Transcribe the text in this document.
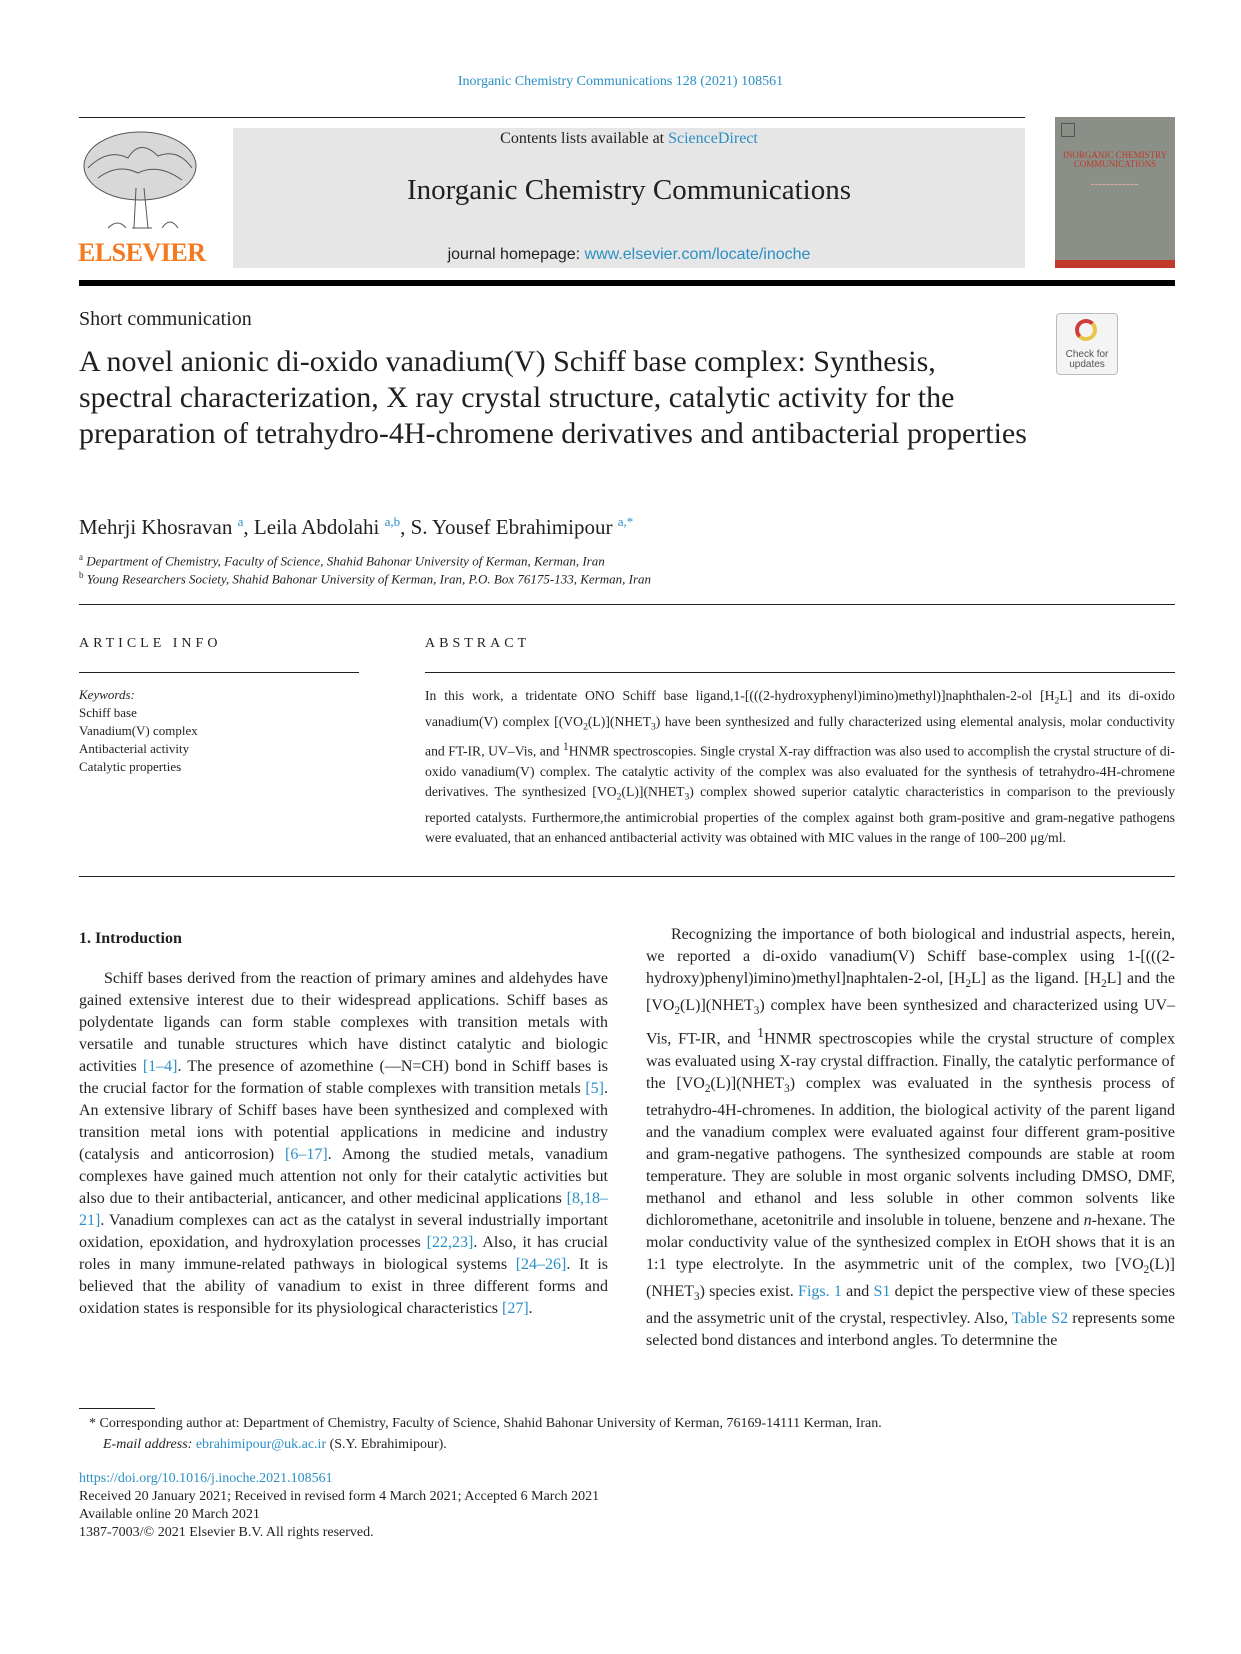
Inorganic Chemistry Communications 128 (2021) 108561
ELSEVIER
Contents lists available at ScienceDirect
Inorganic Chemistry Communications
journal homepage: www.elsevier.com/locate/inoche
INORGANIC CHEMISTRY COMMUNICATIONS
━━━━━━━━━━━━
Short communication
A novel anionic di-oxido vanadium(V) Schiff base complex: Synthesis, spectral characterization, X ray crystal structure, catalytic activity for the preparation of tetrahydro-4H-chromene derivatives and antibacterial properties
Check for updates
Mehrji Khosravan $^a$, Leila Abdolahi $^{a,b}$, S. Yousef Ebrahimipour $^{a,*}$
$^a$ Department of Chemistry, Faculty of Science, Shahid Bahonar University of Kerman, Kerman, Iran
$^b$ Young Researchers Society, Shahid Bahonar University of Kerman, Iran, P.O. Box 76175-133, Kerman, Iran
ARTICLE INFO
Keywords:
Schiff base
Vanadium(V) complex
Antibacterial activity
Catalytic properties
ABSTRACT
In this work, a tridentate ONO Schiff base ligand,1-[(((2-hydroxyphenyl)imino)methyl)]naphthalen-2-ol $[H_2L]$ and its di-oxido vanadium(V) complex [$(VO_2(L)](NHET_3)$ have been synthesized and fully characterized using elemental analysis, molar conductivity and FT-IR, UV–Vis, and $^1$HNMR spectroscopies. Single crystal X-ray diffraction was also used to accomplish the crystal structure of di-oxido vanadium(V) complex. The catalytic activity of the complex was also evaluated for the synthesis of tetrahydro-4H-chromene derivatives. The synthesized $[VO_2(L)](NHET_3)$ complex showed superior catalytic characteristics in comparison to the previously reported catalysts. Furthermore,the antimicrobial properties of the complex against both gram-positive and gram-negative pathogens were evaluated, that an enhanced antibacterial activity was obtained with MIC values in the range of 100–200 μg/ml.
1. Introduction

Schiff bases derived from the reaction of primary amines and aldehydes have gained extensive interest due to their widespread applications. Schiff bases as polydentate ligands can form stable complexes with transition metals with versatile and tunable structures which have distinct catalytic and biologic activities [1–4]. The presence of azomethine (—N=CH) bond in Schiff bases is the crucial factor for the formation of stable complexes with transition metals [5]. An extensive library of Schiff bases have been synthesized and complexed with transition metal ions with potential applications in medicine and industry (catalysis and anticorrosion) [6–17]. Among the studied metals, vanadium complexes have gained much attention not only for their catalytic activities but also due to their antibacterial, anticancer, and other medicinal applications [8,18–21]. Vanadium complexes can act as the catalyst in several industrially important oxidation, epoxidation, and hydroxylation processes [22,23]. Also, it has crucial roles in many immune-related pathways in biological systems [24–26]. It is believed that the ability of vanadium to exist in three different forms and oxidation states is responsible for its physiological characteristics [27].

Recognizing the importance of both biological and industrial aspects, herein, we reported a di-oxido vanadium(V) Schiff base-complex using 1-[(((2-hydroxy)phenyl)imino)methyl]naphtalen-2-ol, $[H_2L]$ as the ligand. $[H_2L]$ and the $[VO_2(L)](NHET_3)$ complex have been synthesized and characterized using UV–Vis, FT-IR, and $^1$HNMR spectroscopies while the crystal structure of complex was evaluated using X-ray crystal diffraction. Finally, the catalytic performance of the $[VO_2(L)](NHET_3)$ complex was evaluated in the synthesis process of tetrahydro-4H-chromenes. In addition, the biological activity of the parent ligand and the vanadium complex were evaluated against four different gram-positive and gram-negative pathogens. The synthesized compounds are stable at room temperature. They are soluble in most organic solvents including DMSO, DMF, methanol and ethanol and less soluble in other common solvents like dichloromethane, acetonitrile and insoluble in toluene, benzene and n-hexane. The molar conductivity value of the synthesized complex in EtOH shows that it is an 1:1 type electrolyte. In the asymmetric unit of the complex, two $[VO_2(L)]$ $(NHET_3)$ species exist. Figs. 1 and S1 depict the perspective view of these species and the assymetric unit of the crystal, respectivley. Also, Table S2 represents some selected bond distances and interbond angles. To determnine the

* Corresponding author at: Department of Chemistry, Faculty of Science, Shahid Bahonar University of Kerman, 76169-14111 Kerman, Iran.
E-mail address: ebrahimipour@uk.ac.ir (S.Y. Ebrahimipour).
https://doi.org/10.1016/j.inoche.2021.108561
Received 20 January 2021; Received in revised form 4 March 2021; Accepted 6 March 2021
Available online 20 March 2021
1387-7003/© 2021 Elsevier B.V. All rights reserved.
